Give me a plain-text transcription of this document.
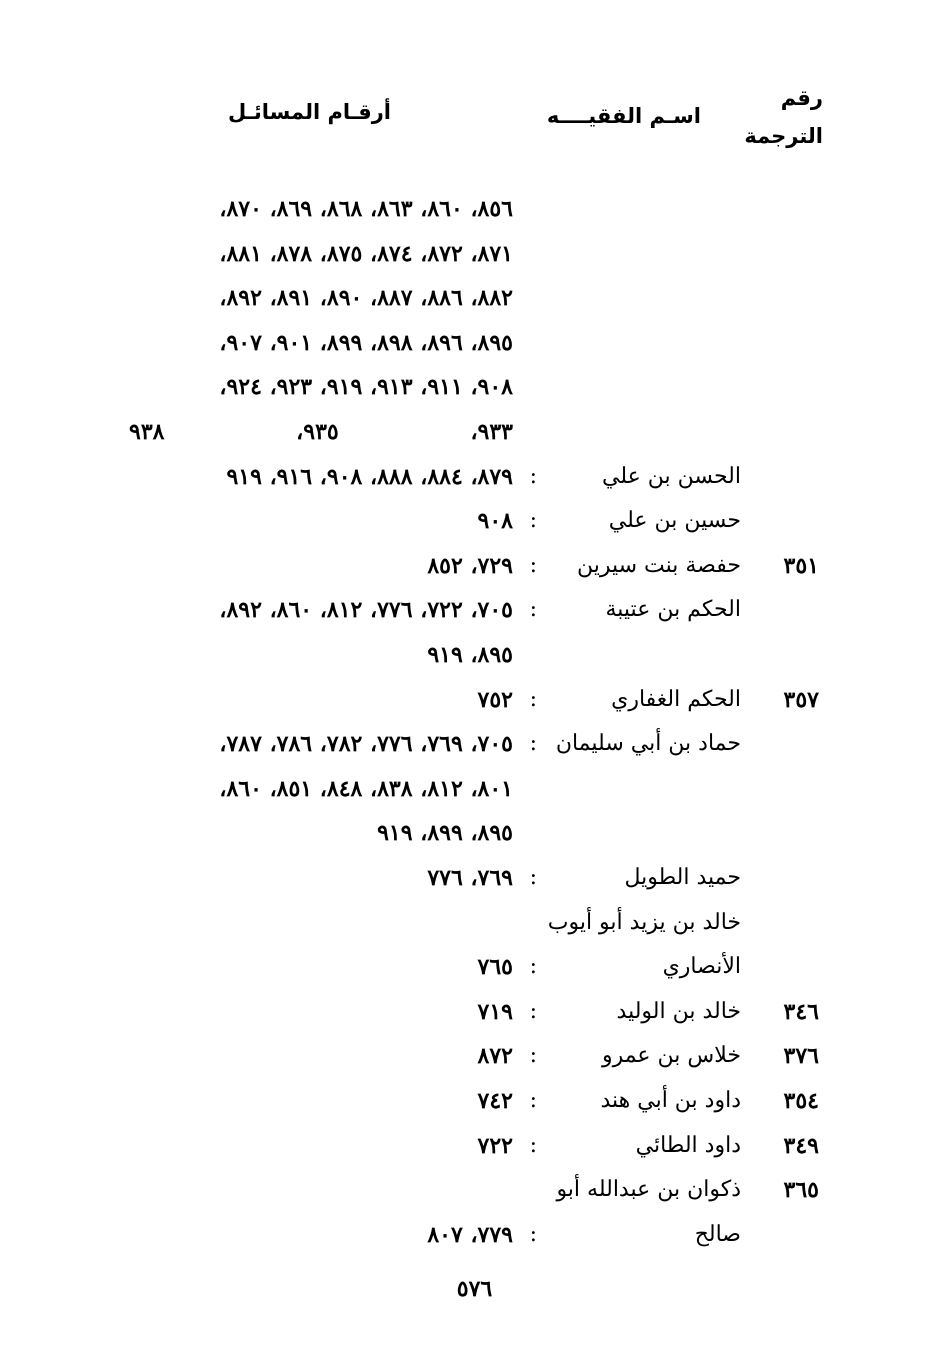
رقم
الترجمة
اسـم الفقيــــه
أرقـام المسائـل
٨٥٦، ٨٦٠، ٨٦٣، ٨٦٨، ٨٦٩، ٨٧٠،
٨٧١، ٨٧٢، ٨٧٤، ٨٧٥، ٨٧٨، ٨٨١،
٨٨٢، ٨٨٦، ٨٨٧، ٨٩٠، ٨٩١، ٨٩٢،
٨٩٥، ٨٩٦، ٨٩٨، ٨٩٩، ٩٠١، ٩٠٧،
٩٠٨، ٩١١، ٩١٣، ٩١٩، ٩٢٣، ٩٢٤،
٩٣٣،
٩٣٥،
٩٣٨
الحسن بن علي
:
٨٧٩، ٨٨٤، ٨٨٨، ٩٠٨، ٩١٦، ٩١٩
حسين بن علي
:
٩٠٨
٣٥١
حفصة بنت سيرين
:
٧٢٩، ٨٥٢
الحكم بن عتيبة
:
٧٠٥، ٧٢٢، ٧٧٦، ٨١٢، ٨٦٠، ٨٩٢،
٨٩٥، ٩١٩
٣٥٧
الحكم الغفاري
:
٧٥٢
حماد بن أبي سليمان
:
٧٠٥، ٧٦٩، ٧٧٦، ٧٨٢، ٧٨٦، ٧٨٧،
٨٠١، ٨١٢، ٨٣٨، ٨٤٨، ٨٥١، ٨٦٠،
٨٩٥، ٨٩٩، ٩١٩
حميد الطويل
:
٧٦٩، ٧٧٦
خالد بن يزيد أبو أيوب
الأنصاري
:
٧٦٥
٣٤٦
خالد بن الوليد
:
٧١٩
٣٧٦
خلاس بن عمرو
:
٨٧٢
٣٥٤
داود بن أبي هند
:
٧٤٢
٣٤٩
داود الطائي
:
٧٢٢
٣٦٥
ذكوان بن عبدالله أبو
صالح
:
٧٧٩، ٨٠٧
٥٧٦
